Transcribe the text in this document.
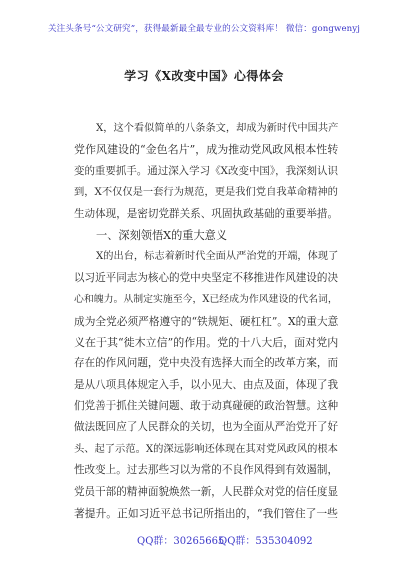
关注头条号“公文研究”，获得最新最全最专业的公文资料库！ 微信：gongwenyj
学习《X改变中国》心得体会
X，这个看似简单的八条条文，却成为新时代中国共产
党作风建设的“金色名片”，成为推动党风政风根本性转
变的重要抓手。通过深入学习《X改变中国》，我深刻认识
到，X不仅仅是一套行为规范，更是我们党自我革命精神的
生动体现，是密切党群关系、巩固执政基础的重要举措。
一、深刻领悟X的重大意义
X的出台，标志着新时代全面从严治党的开端，体现了
以习近平同志为核心的党中央坚定不移推进作风建设的决
心和魄力。从制定实施至今，X已经成为作风建设的代名词，
成为全党必须严格遵守的“铁规矩、硬杠杠”。X的重大意
义在于其“徙木立信”的作用。党的十八大后，面对党内
存在的作风问题，党中央没有选择大而全的改革方案，而
是从八项具体规定入手，以小见大、由点及面，体现了我
们党善于抓住关键问题、敢于动真碰硬的政治智慧。这种
做法既回应了人民群众的关切，也为全面从严治党开了好
头、起了示范。X的深远影响还体现在其对党风政风的根本
性改变上。过去那些习以为常的不良作风得到有效遏制，
党员干部的精神面貌焕然一新，人民群众对党的信任度显
著提升。正如习近平总书记所指出的，“我们管住了一些
QQ群：30265665
QQ群：535304092
